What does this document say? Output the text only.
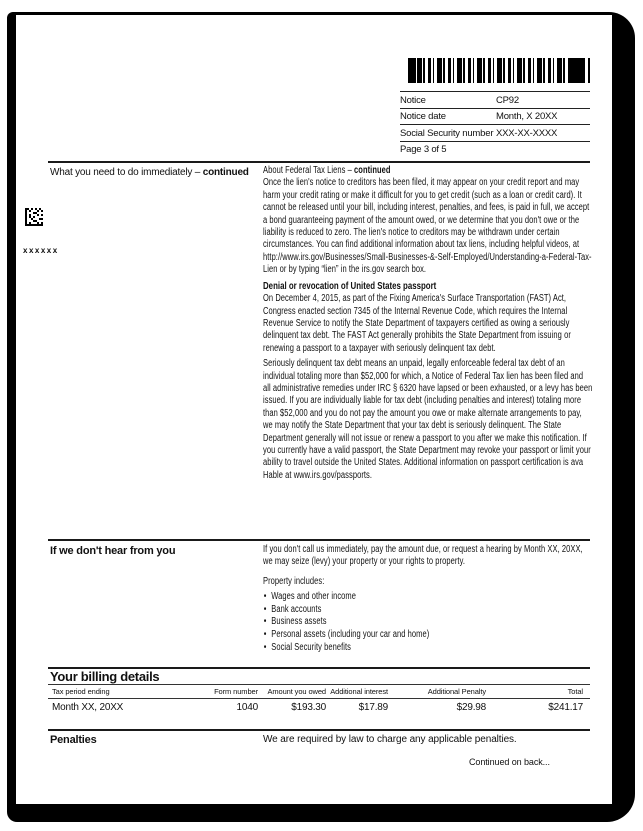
Notice	CP92
Notice date	Month, X 20XX
Social Security number XXX-XX-XXXX
Page 3 of 5
xxxxxx
What you need to do immediately – continued About Federal Tax Liens – continued

Once the lien's notice to creditors has been filed, it may appear on your credit report and may harm your credit rating or make it difficult for you to get credit (such as a loan or credit card). It cannot be released until your bill, including interest, penalties, and fees, is paid in full, we accept a bond guaranteeing payment of the amount owed, or we determine that you don't owe or the liability is reduced to zero. The lien's notice to creditors may be withdrawn under certain circumstances. You can find additional information about tax liens, including helpful videos, at http://www.irs.gov/Businesses/Small-Businesses-&-Self-Employed/Understanding-a-Federal-Tax-Lien or by typing “lien” in the irs.gov search box.

Denial or revocation of United States passport

On December 4, 2015, as part of the Fixing America's Surface Transportation (FAST) Act, Congress enacted section 7345 of the Internal Revenue Code, which requires the Internal Revenue Service to notify the State Department of taxpayers certified as owing a seriously delinquent tax debt. The FAST Act generally prohibits the State Department from issuing or renewing a passport to a taxpayer with seriously delinquent tax debt.

Seriously delinquent tax debt means an unpaid, legally enforceable federal tax debt of an individual totaling more than $52,000 for which, a Notice of Federal Tax lien has been filed and all administrative remedies under IRC § 6320 have lapsed or been exhausted, or a levy has been issued. If you are individually liable for tax debt (including penalties and interest) totaling more than $52,000 and you do not pay the amount you owe or make alternate arrangements to pay, we may notify the State Department that your tax debt is seriously delinquent. The State Department generally will not issue or renew a passport to you after we make this notification. If you currently have a valid passport, the State Department may revoke your passport or limit your ability to travel outside the United States. Additional information on passport certification is ava Hable at www.irs.gov/passports.

If we don't hear from you	If you don't call us immediately, pay the amount due, or request a hearing by Month XX, 20XX, we may seize (levy) your property or your rights to property.

Property includes:

• Wages and other income
• Bank accounts
• Business assets
• Personal assets (including your car and home)
• Social Security benefits
Your billing details
Tax period ending	Form number	Amount you owed	Additional interest	Additional Penalty	Total
Month XX, 20XX	1040	$193.30	$17.89	$29.98	$241.17
Penalties	We are required by law to charge any applicable penalties.
Continued on back...
